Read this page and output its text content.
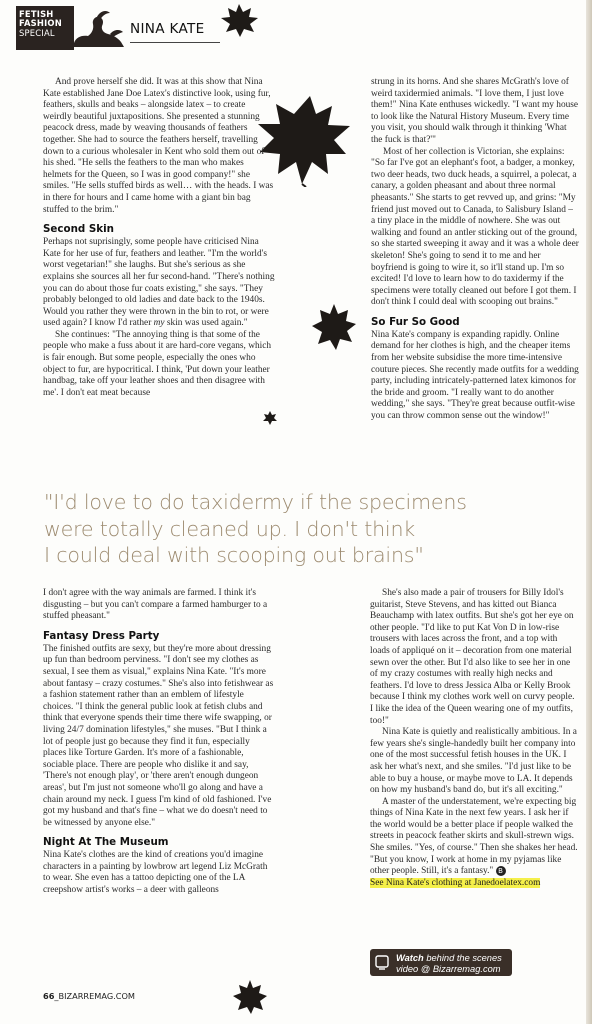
FETISH
FASHION
SPECIAL	NINA KATE

And prove herself she did. It was at this show that Nina Kate established Jane Doe Latex's distinctive look, using fur, feathers, skulls and beaks – alongside latex – to create weirdly beautiful juxtapositions. She presented a stunning peacock dress, made by weaving thousands of feathers together. She had to source the feathers herself, travelling down to a curious wholesaler in Kent who sold them out of his shed. "He sells the feathers to the man who makes helmets for the Queen, so I was in good company!" she smiles. "He sells stuffed birds as well… with the heads. I was in there for hours and I came home with a giant bin bag stuffed to the brim."

Second Skin

Perhaps not suprisingly, some people have criticised Nina Kate for her use of fur, feathers and leather. "I'm the world's worst vegetarian!" she laughs. But she's serious as she explains she sources all her fur second-hand. "There's nothing you can do about those fur coats existing," she says. "They probably belonged to old ladies and date back to the 1940s. Would you rather they were thrown in the bin to rot, or were used again? I know I'd rather my skin was used again."

She continues: "The annoying thing is that some of the people who make a fuss about it are hard-core vegans, which is fair enough. But some people, especially the ones who object to fur, are hypocritical. I think, 'Put down your leather handbag, take off your leather shoes and then disagree with me'. I don't eat meat because

strung in its horns. And she shares McGrath's love of weird taxidermied animals. "I love them, I just love them!" Nina Kate enthuses wickedly. "I want my house to look like the Natural History Museum. Every time you visit, you should walk through it thinking 'What the fuck is that?'"

Most of her collection is Victorian, she explains: "So far I've got an elephant's foot, a badger, a monkey, two deer heads, two duck heads, a squirrel, a polecat, a canary, a golden pheasant and about three normal pheasants." She starts to get revved up, and grins: "My friend just moved out to Canada, to Salisbury Island – a tiny place in the middle of nowhere. She was out walking and found an antler sticking out of the ground, so she started sweeping it away and it was a whole deer skeleton! She's going to send it to me and her boyfriend is going to wire it, so it'll stand up. I'm so excited! I'd love to learn how to do taxidermy if the specimens were totally cleaned out before I got them. I don't think I could deal with scooping out brains."

So Fur So Good

Nina Kate's company is expanding rapidly. Online demand for her clothes is high, and the cheaper items from her website subsidise the more time-intensive couture pieces. She recently made outfits for a wedding party, including intricately-patterned latex kimonos for the bride and groom. "I really want to do another wedding," she says. "They're great because outfit-wise you can throw common sense out the window!"

"I'd love to do taxidermy if the specimens
were totally cleaned up. I don't think
I could deal with scooping out brains"

I don't agree with the way animals are farmed. I think it's disgusting – but you can't compare a farmed hamburger to a stuffed pheasant."

Fantasy Dress Party

The finished outfits are sexy, but they're more about dressing up fun than bedroom perviness. "I don't see my clothes as sexual, I see them as visual," explains Nina Kate. "It's more about fantasy – crazy costumes." She's also into fetishwear as a fashion statement rather than an emblem of lifestyle choices. "I think the general public look at fetish clubs and think that everyone spends their time there wife swapping, or living 24/7 domination lifestyles," she muses. "But I think a lot of people just go because they find it fun, especially places like Torture Garden. It's more of a fashionable, sociable place. There are people who dislike it and say, 'There's not enough play', or 'there aren't enough dungeon areas', but I'm just not someone who'll go along and have a chain around my neck. I guess I'm kind of old fashioned. I've got my husband and that's fine – what we do doesn't need to be witnessed by anyone else."

Night At The Museum

Nina Kate's clothes are the kind of creations you'd imagine characters in a painting by lowbrow art legend Liz McGrath to wear. She even has a tattoo depicting one of the LA creepshow artist's works – a deer with galleons

She's also made a pair of trousers for Billy Idol's guitarist, Steve Stevens, and has kitted out Bianca Beauchamp with latex outfits. But she's got her eye on other people. "I'd like to put Kat Von D in low-rise trousers with laces across the front, and a top with loads of appliqué on it – decoration from one material sewn over the other. But I'd also like to see her in one of my crazy costumes with really high necks and feathers. I'd love to dress Jessica Alba or Kelly Brook because I think my clothes work well on curvy people. I like the idea of the Queen wearing one of my outfits, too!"

Nina Kate is quietly and realistically ambitious. In a few years she's single-handedly built her company into one of the most successful fetish houses in the UK. I ask her what's next, and she smiles. "I'd just like to be able to buy a house, or maybe move to LA. It depends on how my husband's band do, but it's all exciting."

A master of the understatement, we're expecting big things of Nina Kate in the next few years. I ask her if the world would be a better place if people walked the streets in peacock feather skirts and skull-strewn wigs. She smiles. "Yes, of course." Then she shakes her head. "But you know, I work at home in my pyjamas like other people. Still, it's a fantasy." B

See Nina Kate's clothing at Janedoelatex.com

Watch behind the scenes
video @ Bizarremag.com
66_BIZARREMAG.COM
